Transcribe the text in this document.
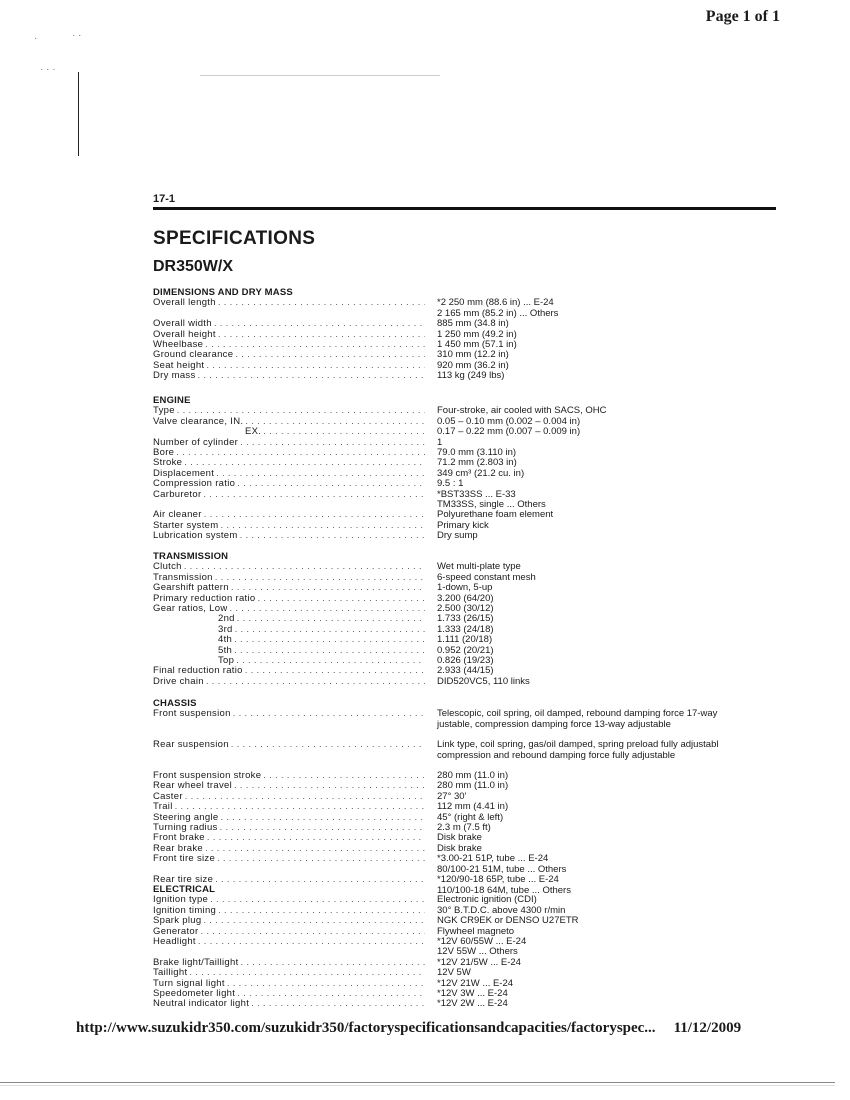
Page 1 of 1
·	· ·
· · ·
17-1
SPECIFICATIONS
DR350W/X
DIMENSIONS AND DRY MASS
Overall length . . .	*2 250 mm (88.6 in) ... E-24
2 165 mm (85.2 in) ... Others
Overall width . . .	885 mm (34.8 in)
Overall height . . .	1 250 mm (49.2 in)
Wheelbase . . .	1 450 mm (57.1 in)
Ground clearance . . .	310 mm (12.2 in)
Seat height . . .	920 mm (36.2 in)
Dry mass . . .	113 kg (249 lbs)
ENGINE
Type . . .	Four-stroke, air cooled with SACS, OHC
Valve clearance, IN. . . .	0.05 – 0.10 mm (0.002 – 0.004 in)
EX. . . .	0.17 – 0.22 mm (0.007 – 0.009 in)
Number of cylinder . . .	1
Bore . . .	79.0 mm (3.110 in)
Stroke . . .	71.2 mm (2.803 in)
Displacement . . .	349 cm³ (21.2 cu. in)
Compression ratio . . .	9.5 : 1
Carburetor . . .	*BST33SS ... E-33
TM33SS, single ... Others
Air cleaner . . .	Polyurethane foam element
Starter system . . .	Primary kick
Lubrication system . . .	Dry sump
TRANSMISSION
Clutch . . .	Wet multi-plate type
Transmission . . .	6-speed constant mesh
Gearshift pattern . . .	1-down, 5-up
Primary reduction ratio . . .	3.200 (64/20)
Gear ratios, Low . . .	2.500 (30/12)
2nd . . .	1.733 (26/15)
3rd . . .	1.333 (24/18)
4th . . .	1.111 (20/18)
5th . . .	0.952 (20/21)
Top . . .	0.826 (19/23)
Final reduction ratio . . .	2.933 (44/15)
Drive chain . . .	DID520VC5, 110 links
CHASSIS
Front suspension . . .	Telescopic, coil spring, oil damped, rebound damping force 17-way
justable, compression damping force 13-way adjustable
Rear suspension . . .	Link type, coil spring, gas/oil damped, spring preload fully adjustabl
compression and rebound damping force fully adjustable
Front suspension stroke . . .	280 mm (11.0 in)
Rear wheel travel . . .	280 mm (11.0 in)
Caster . . .	27° 30'
Trail . . .	112 mm (4.41 in)
Steering angle . . .	45° (right & left)
Turning radius . . .	2.3 m (7.5 ft)
Front brake . . .	Disk brake
Rear brake . . .	Disk brake
Front tire size . . .	*3.00-21 51P, tube ... E-24
80/100-21 51M, tube ... Others
Rear tire size . . .	*120/90-18 65P, tube ... E-24
110/100-18 64M, tube ... Others
ELECTRICAL
Ignition type . . .	Electronic ignition (CDI)
Ignition timing . . .	30° B.T.D.C. above 4300 r/min
Spark plug . . .	NGK CR9EK or DENSO U27ETR
Generator . . .	Flywheel magneto
Headlight . . .	*12V 60/55W ... E-24
12V 55W ... Others
Brake light/Taillight . . .	*12V 21/5W ... E-24
Taillight . . .	12V 5W
Turn signal light . . .	*12V 21W ... E-24
Speedometer light . . .	*12V 3W ... E-24
Neutral indicator light . . .	*12V 2W ... E-24
http://www.suzukidr350.com/suzukidr350/factoryspecificationsandcapacities/factoryspec... 11/12/2009
